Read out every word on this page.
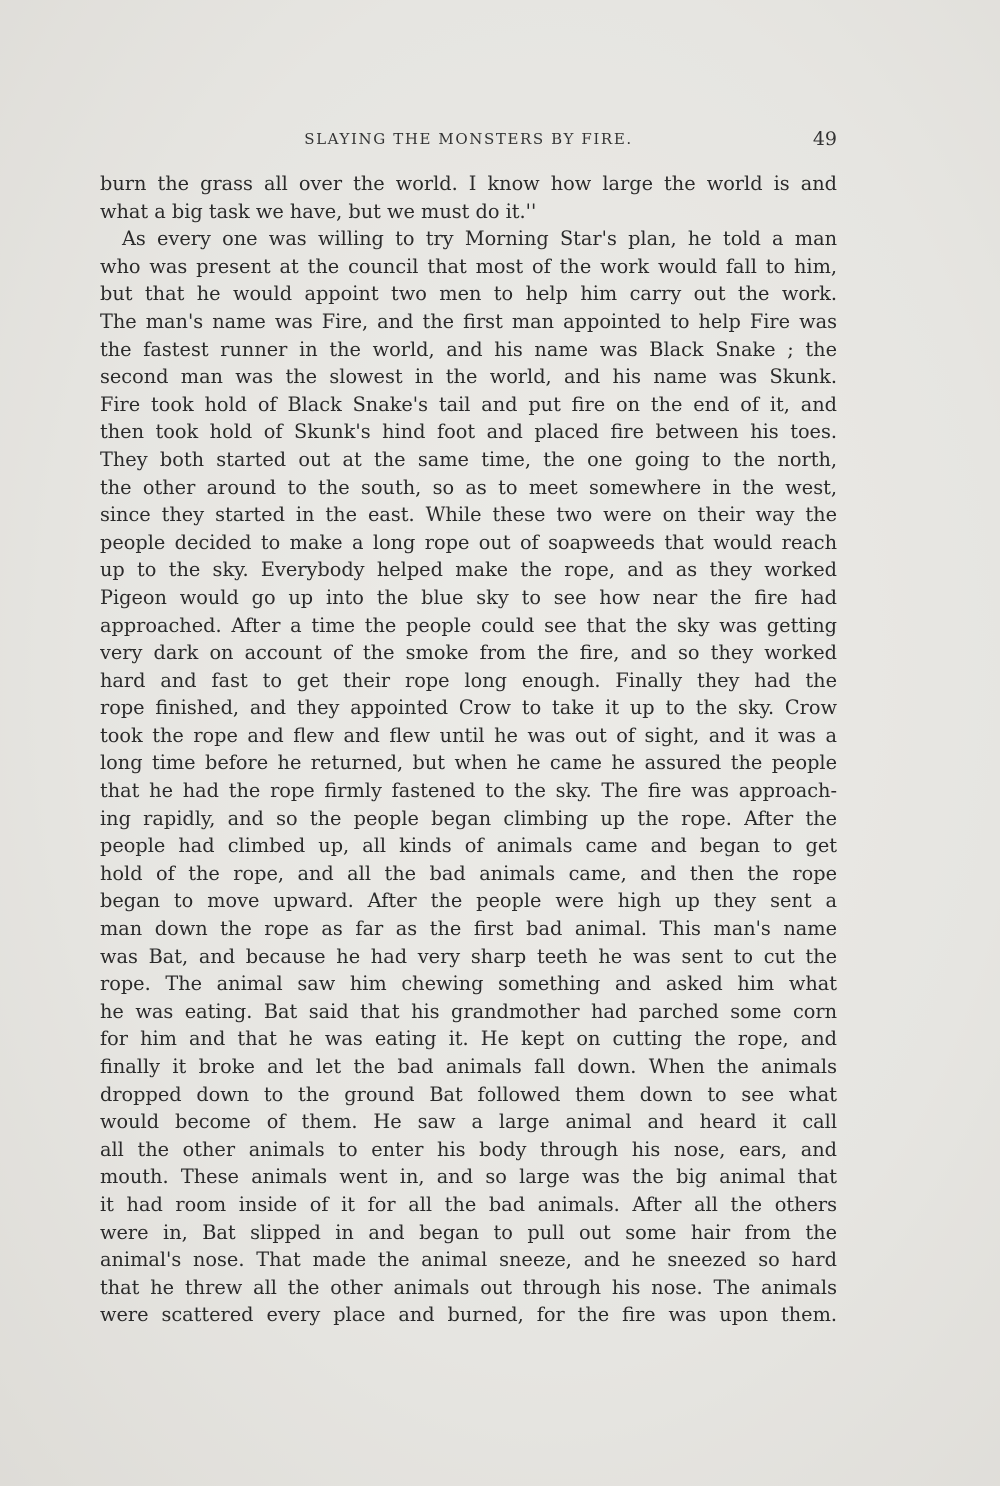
SLAYING THE MONSTERS BY FIRE.	49
burn the grass all over the world. I know how large the world is and
what a big task we have, but we must do it.''
As every one was willing to try Morning Star's plan, he told a man
who was present at the council that most of the work would fall to him,
but that he would appoint two men to help him carry out the work.
The man's name was Fire, and the first man appointed to help Fire was
the fastest runner in the world, and his name was Black Snake ; the
second man was the slowest in the world, and his name was Skunk.
Fire took hold of Black Snake's tail and put fire on the end of it, and
then took hold of Skunk's hind foot and placed fire between his toes.
They both started out at the same time, the one going to the north,
the other around to the south, so as to meet somewhere in the west,
since they started in the east. While these two were on their way the
people decided to make a long rope out of soapweeds that would reach
up to the sky. Everybody helped make the rope, and as they worked
Pigeon would go up into the blue sky to see how near the fire had
approached. After a time the people could see that the sky was getting
very dark on account of the smoke from the fire, and so they worked
hard and fast to get their rope long enough. Finally they had the
rope finished, and they appointed Crow to take it up to the sky. Crow
took the rope and flew and flew until he was out of sight, and it was a
long time before he returned, but when he came he assured the people
that he had the rope firmly fastened to the sky. The fire was approach-
ing rapidly, and so the people began climbing up the rope. After the
people had climbed up, all kinds of animals came and began to get
hold of the rope, and all the bad animals came, and then the rope
began to move upward. After the people were high up they sent a
man down the rope as far as the first bad animal. This man's name
was Bat, and because he had very sharp teeth he was sent to cut the
rope. The animal saw him chewing something and asked him what
he was eating. Bat said that his grandmother had parched some corn
for him and that he was eating it. He kept on cutting the rope, and
finally it broke and let the bad animals fall down. When the animals
dropped down to the ground Bat followed them down to see what
would become of them. He saw a large animal and heard it call
all the other animals to enter his body through his nose, ears, and
mouth. These animals went in, and so large was the big animal that
it had room inside of it for all the bad animals. After all the others
were in, Bat slipped in and began to pull out some hair from the
animal's nose. That made the animal sneeze, and he sneezed so hard
that he threw all the other animals out through his nose. The animals
were scattered every place and burned, for the fire was upon them.
